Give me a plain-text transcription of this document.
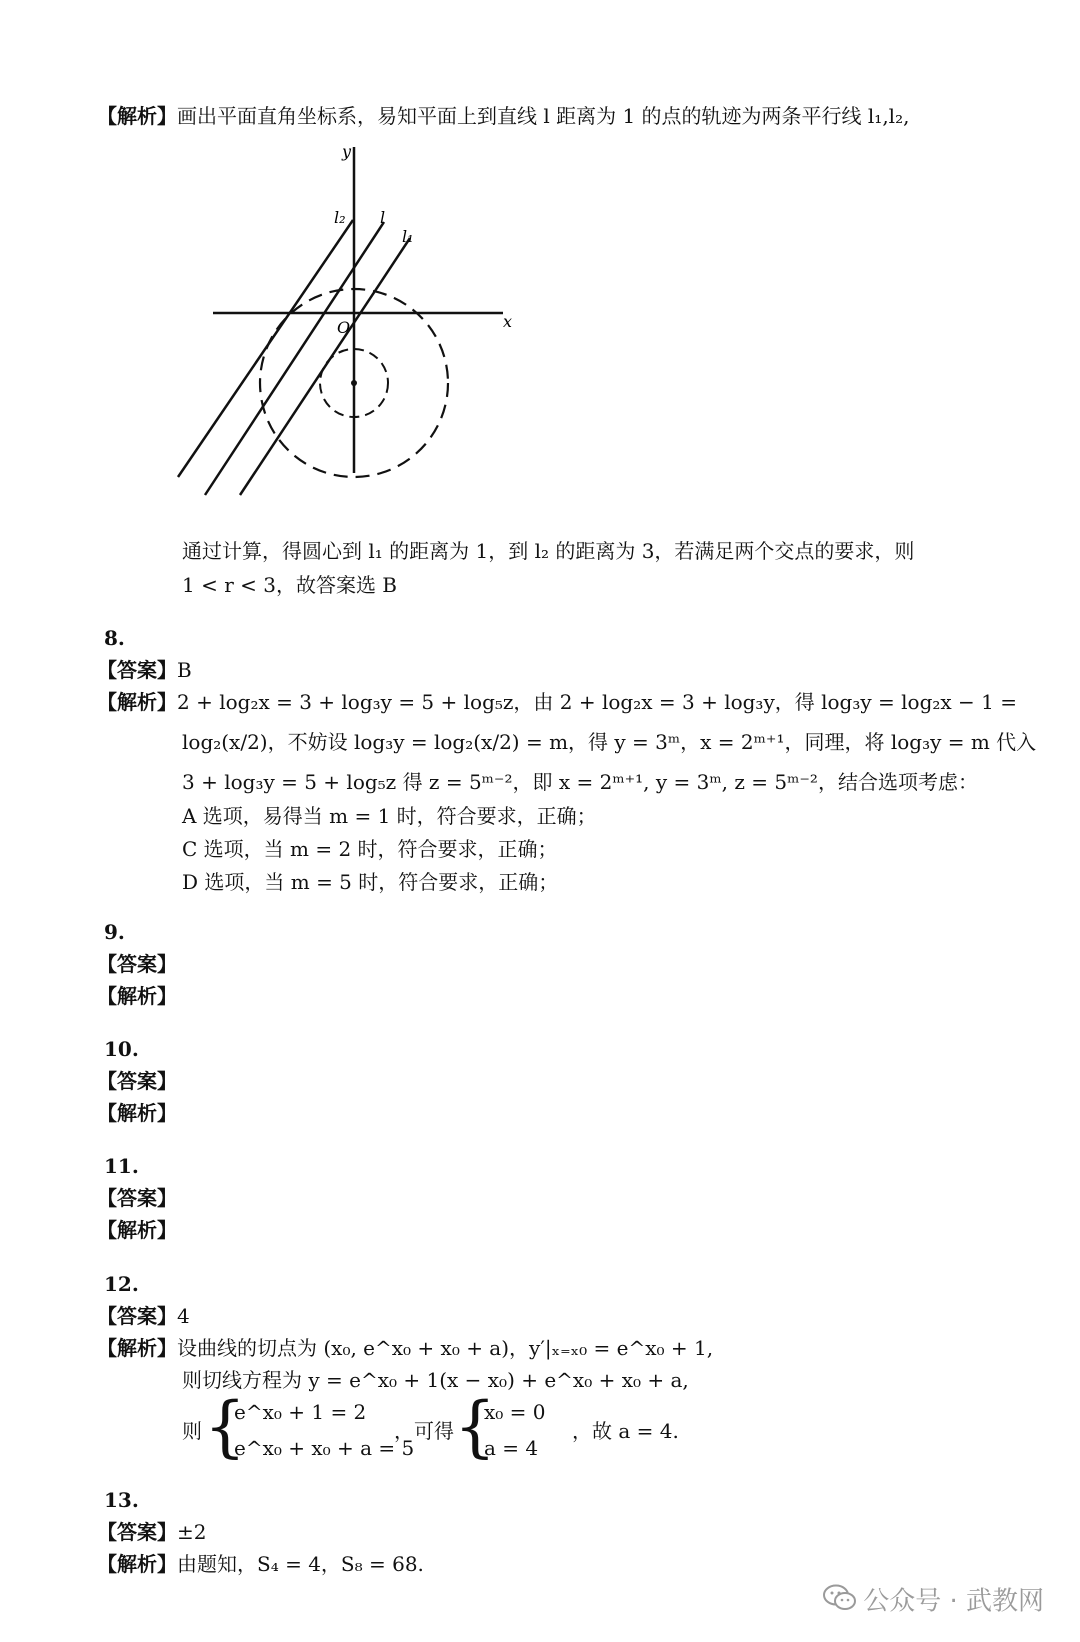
【解析】画出平面直角坐标系，易知平面上到直线 l 距离为 1 的点的轨迹为两条平行线 l₁,l₂,
y
x
O
l₂ l
l₁
通过计算，得圆心到 l₁ 的距离为 1，到 l₂ 的距离为 3，若满足两个交点的要求，则
1 < r < 3，故答案选 B
8.
【答案】B
【解析】2 + log₂x = 3 + log₃y = 5 + log₅z，由 2 + log₂x = 3 + log₃y，得 log₃y = log₂x − 1 =
log₂(x/2)，不妨设 log₃y = log₂(x/2) = m，得 y = 3ᵐ，x = 2ᵐ⁺¹，同理，将 log₃y = m 代入
3 + log₃y = 5 + log₅z 得 z = 5ᵐ⁻²，即 x = 2ᵐ⁺¹, y = 3ᵐ, z = 5ᵐ⁻²，结合选项考虑：
A 选项，易得当 m = 1 时，符合要求，正确；
C 选项，当 m = 2 时，符合要求，正确；
D 选项，当 m = 5 时，符合要求，正确；
9.
【答案】
【解析】
10.
【答案】
【解析】
11.
【答案】
【解析】
12.
【答案】4
【解析】设曲线的切点为 (x₀, e^x₀ + x₀ + a)，y′|ₓ₌ₓ₀ = e^x₀ + 1,
则切线方程为 y = e^x₀ + 1(x − x₀) + e^x₀ + x₀ + a,
则 {
e^x₀ + 1 = 2
e^x₀ + x₀ + a = 5
，可得 {
x₀ = 0
a = 4
，故 a = 4.
13.
【答案】±2
【解析】由题知，S₄ = 4，S₈ = 68.
公众号 · 武教网
